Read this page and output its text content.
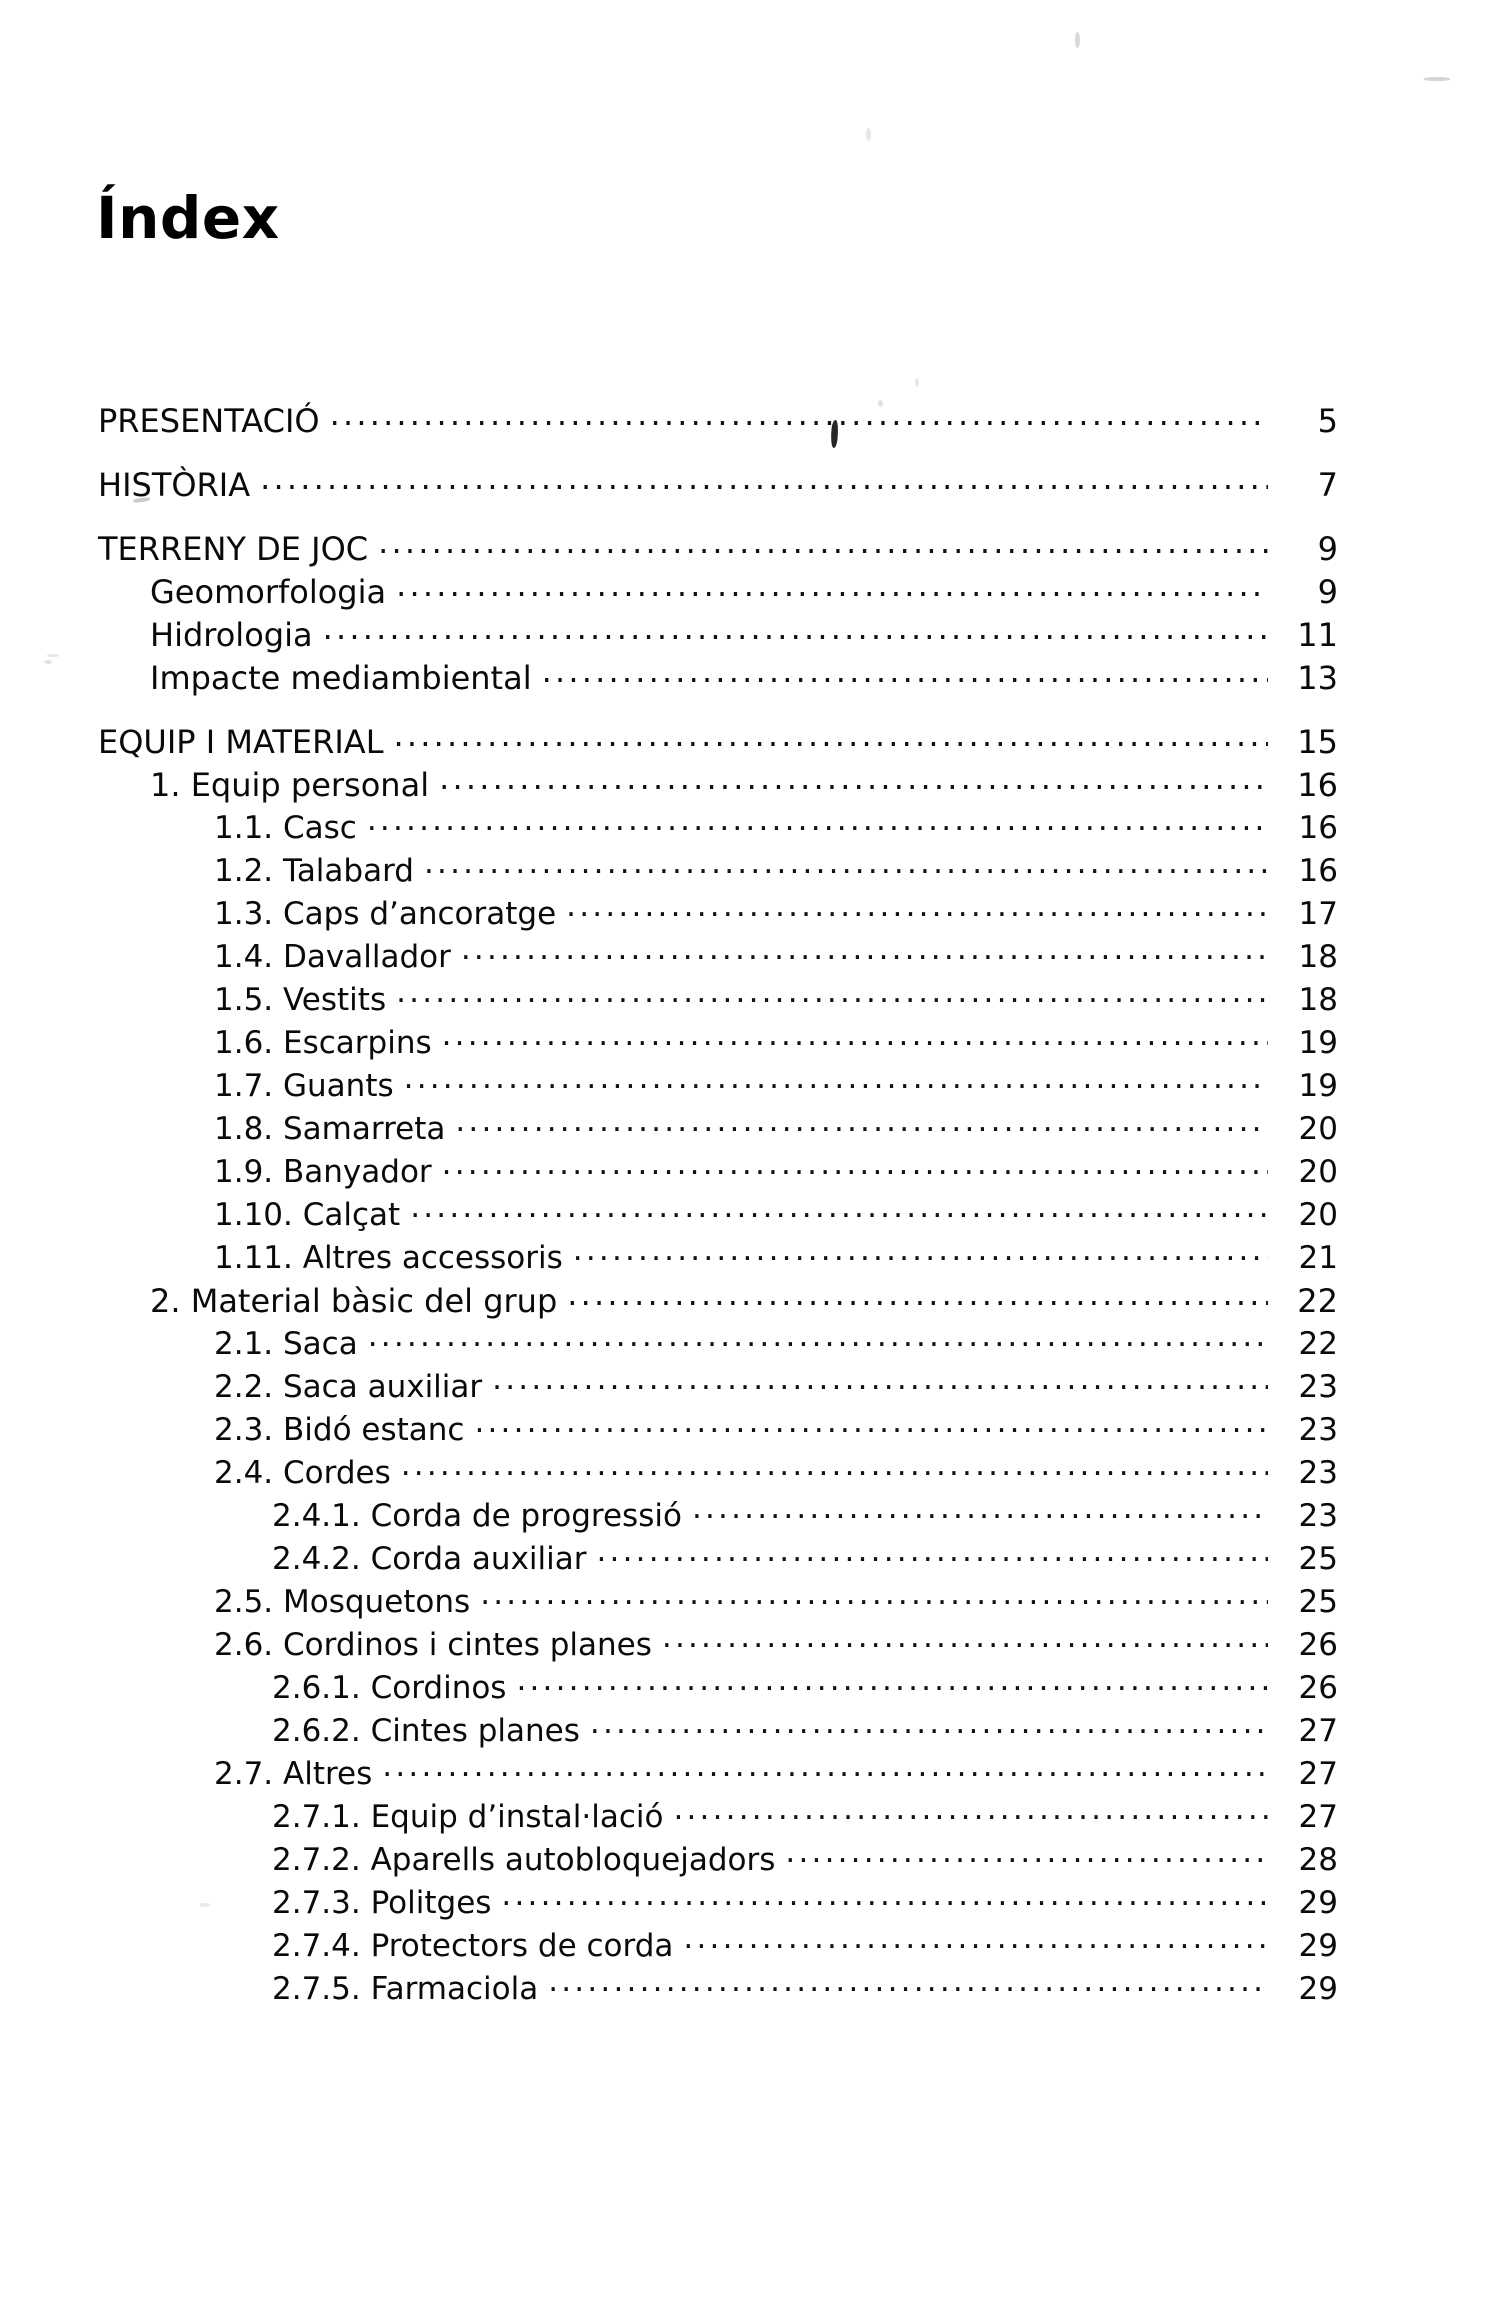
Índex
PRESENTACIÓ .....	5
HISTÒRIA .....	7
TERRENY DE JOC .....	9
Geomorfologia .....	9
Hidrologia .....	11
Impacte mediambiental .....	13
EQUIP I MATERIAL .....	15
1. Equip personal .....	16
1.1. Casc .....	16
1.2. Talabard .....	16
1.3. Caps d’ancoratge .....	17
1.4. Davallador .....	18
1.5. Vestits .....	18
1.6. Escarpins .....	19
1.7. Guants .....	19
1.8. Samarreta .....	20
1.9. Banyador .....	20
1.10. Calçat .....	20
1.11. Altres accessoris .....	21
2. Material bàsic del grup .....	22
2.1. Saca .....	22
2.2. Saca auxiliar .....	23
2.3. Bidó estanc .....	23
2.4. Cordes .....	23
2.4.1. Corda de progressió .....	23
2.4.2. Corda auxiliar .....	25
2.5. Mosquetons .....	25
2.6. Cordinos i cintes planes .....	26
2.6.1. Cordinos .....	26
2.6.2. Cintes planes .....	27
2.7. Altres .....	27
2.7.1. Equip d’instal·lació .....	27
2.7.2. Aparells autobloquejadors .....	28
2.7.3. Politges .....	29
2.7.4. Protectors de corda .....	29
2.7.5. Farmaciola .....	29
